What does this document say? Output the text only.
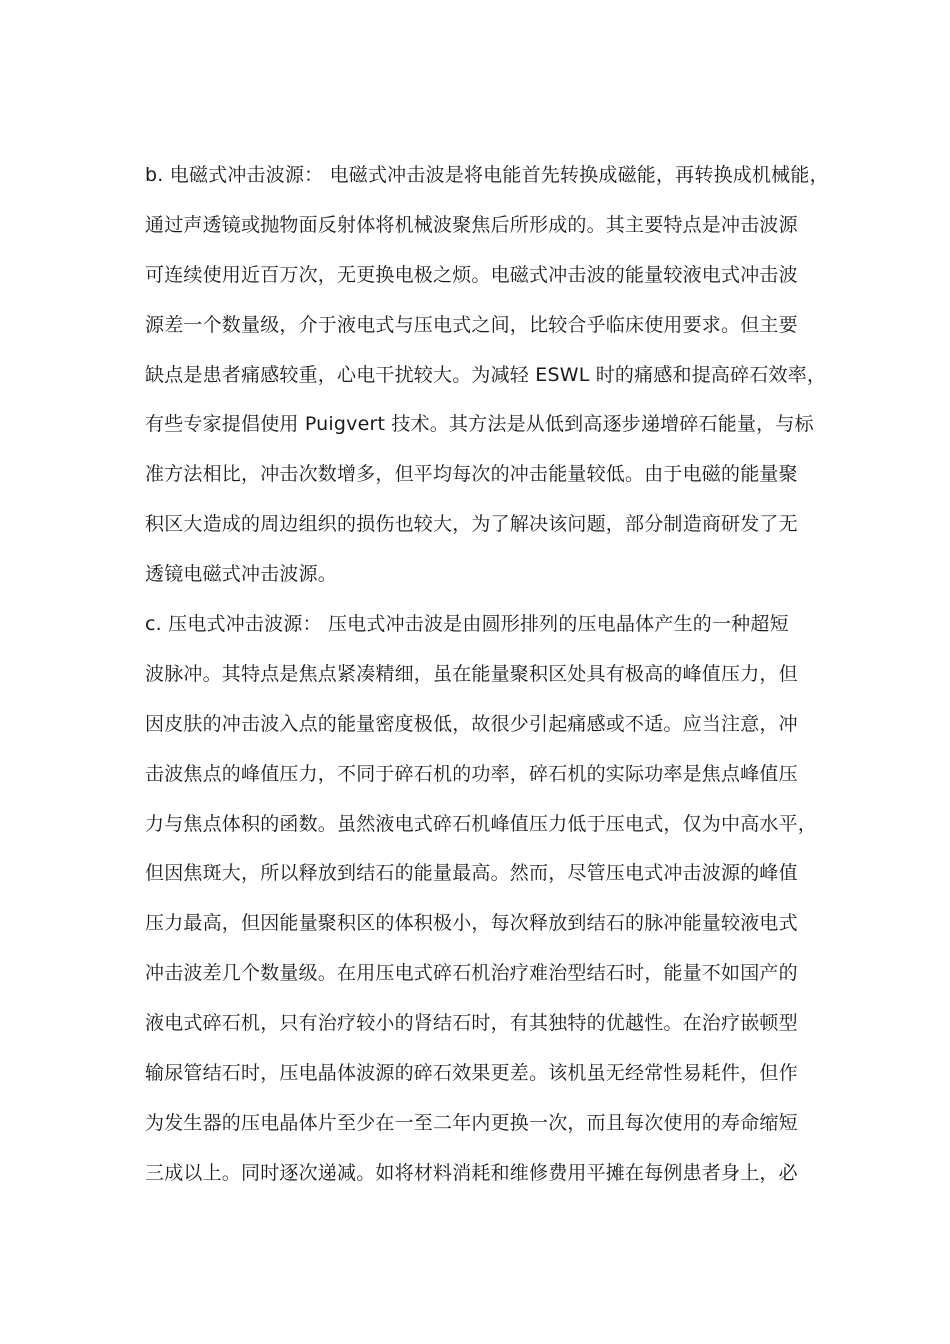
b. 电磁式冲击波源： 电磁式冲击波是将电能首先转换成磁能，再转换成机械能，
通过声透镜或抛物面反射体将机械波聚焦后所形成的。其主要特点是冲击波源
可连续使用近百万次，无更换电极之烦。电磁式冲击波的能量较液电式冲击波
源差一个数量级，介于液电式与压电式之间，比较合乎临床使用要求。但主要
缺点是患者痛感较重，心电干扰较大。为减轻 ESWL 时的痛感和提高碎石效率，
有些专家提倡使用 Puigvert 技术。其方法是从低到高逐步递增碎石能量，与标
准方法相比，冲击次数增多，但平均每次的冲击能量较低。由于电磁的能量聚
积区大造成的周边组织的损伤也较大，为了解决该问题，部分制造商研发了无
透镜电磁式冲击波源。
c. 压电式冲击波源： 压电式冲击波是由圆形排列的压电晶体产生的一种超短
波脉冲。其特点是焦点紧凑精细，虽在能量聚积区处具有极高的峰值压力，但
因皮肤的冲击波入点的能量密度极低，故很少引起痛感或不适。应当注意，冲
击波焦点的峰值压力，不同于碎石机的功率，碎石机的实际功率是焦点峰值压
力与焦点体积的函数。虽然液电式碎石机峰值压力低于压电式，仅为中高水平，
但因焦斑大，所以释放到结石的能量最高。然而，尽管压电式冲击波源的峰值
压力最高，但因能量聚积区的体积极小，每次释放到结石的脉冲能量较液电式
冲击波差几个数量级。在用压电式碎石机治疗难治型结石时，能量不如国产的
液电式碎石机，只有治疗较小的肾结石时，有其独特的优越性。在治疗嵌顿型
输尿管结石时，压电晶体波源的碎石效果更差。该机虽无经常性易耗件，但作
为发生器的压电晶体片至少在一至二年内更换一次，而且每次使用的寿命缩短
三成以上。同时逐次递减。如将材料消耗和维修费用平摊在每例患者身上，必
